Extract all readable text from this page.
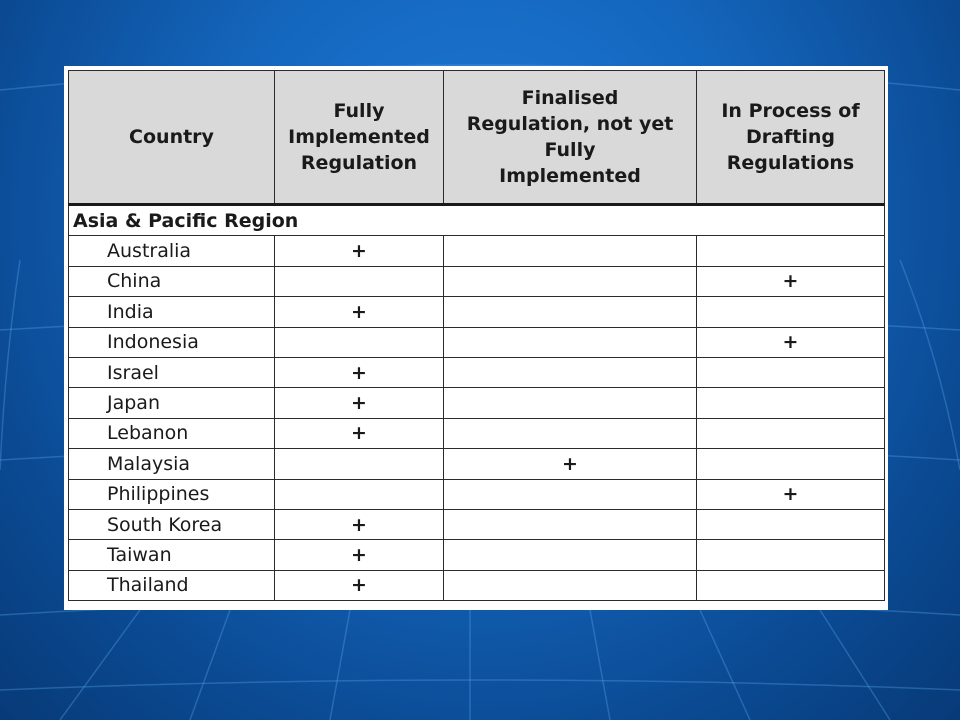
Country	Fully
Implemented
Regulation	Finalised
Regulation, not yet
Fully
Implemented	In Process of
Drafting
Regulations
Asia & Pacific Region			
Australia	+		
China			+
India	+		
Indonesia			+
Israel	+		
Japan	+		
Lebanon	+		
Malaysia		+	
Philippines			+
South Korea	+		
Taiwan	+		
Thailand	+		
